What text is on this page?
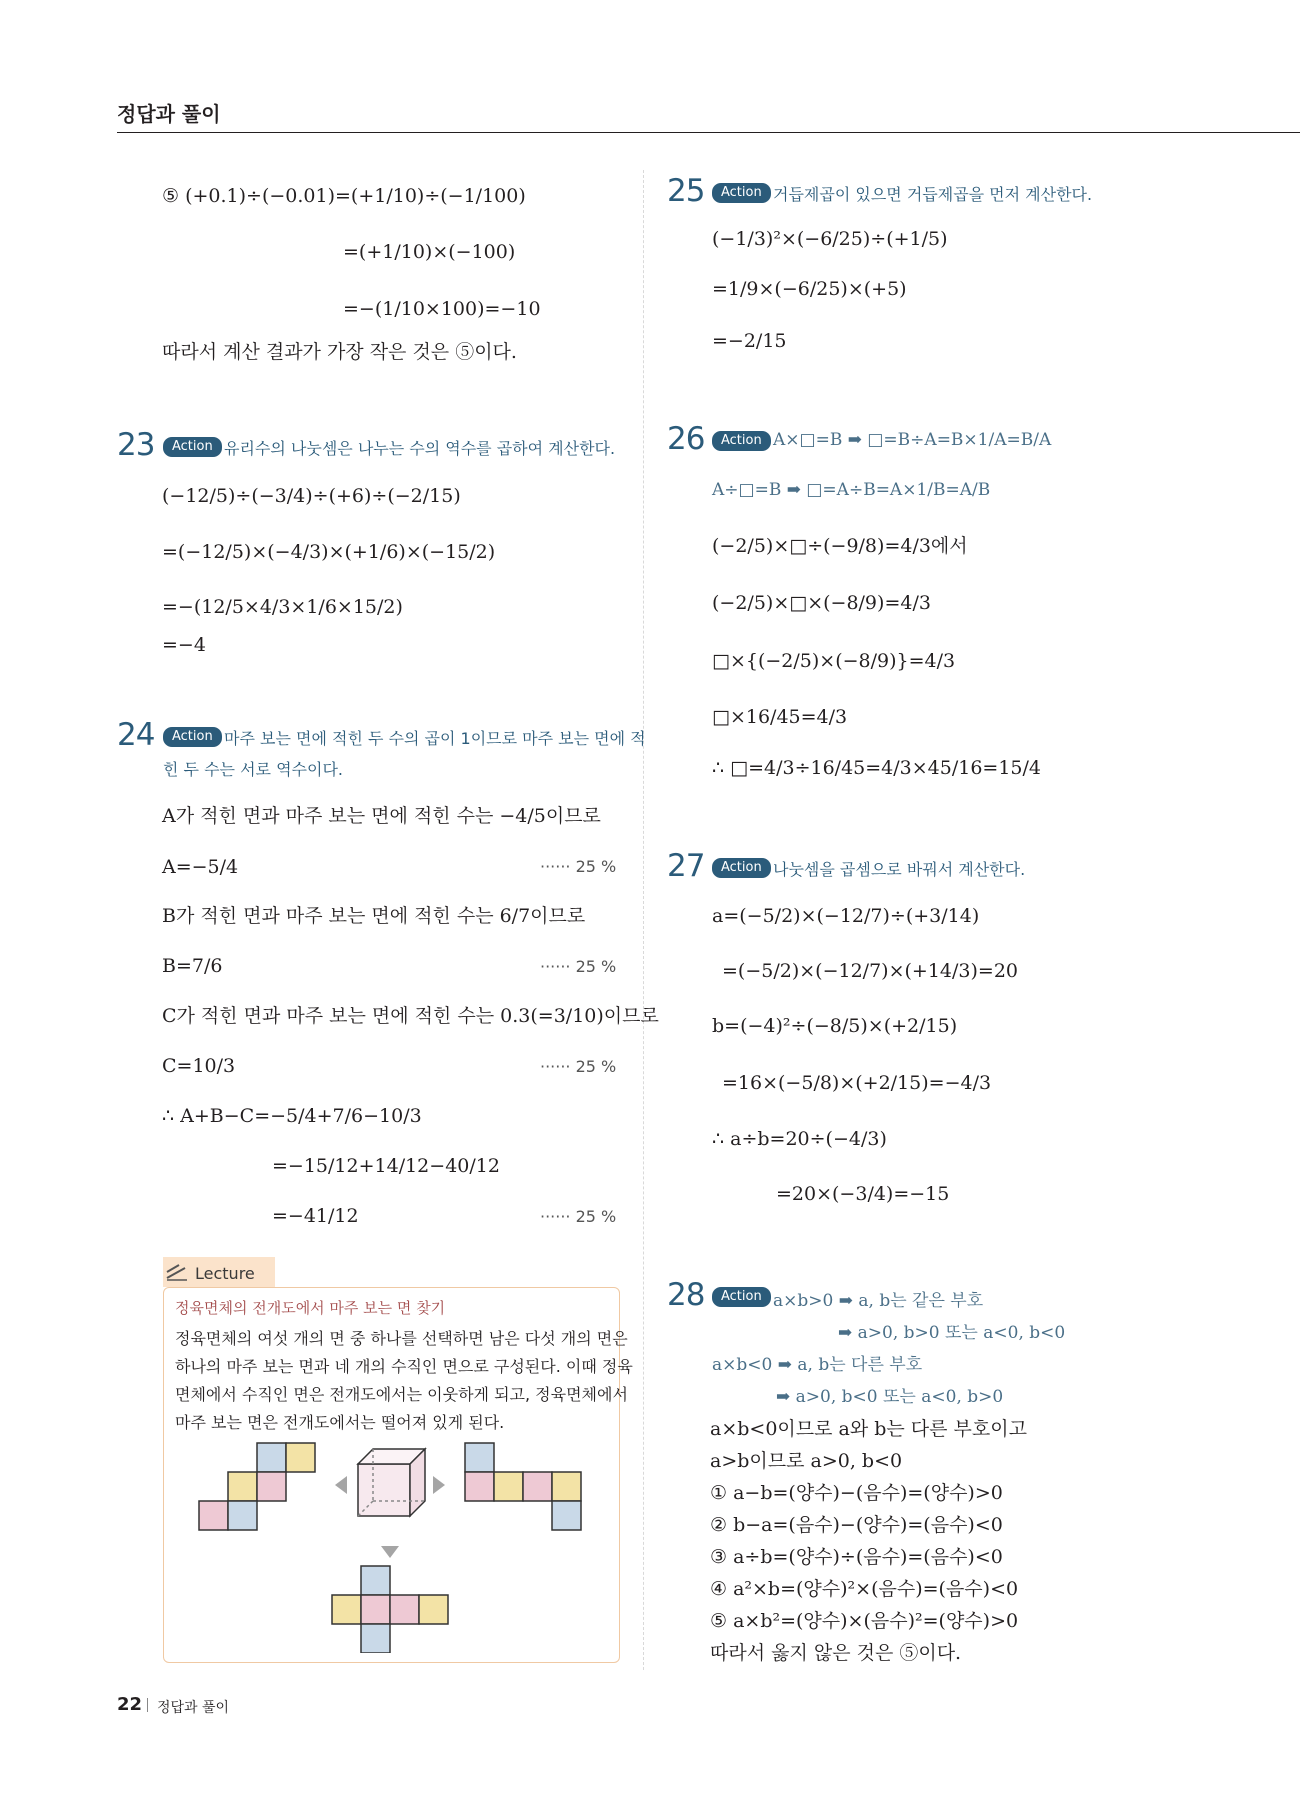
정답과 풀이
⑤ (+0.1)÷(−0.01)=(+1/10)÷(−1/100)
=(+1/10)×(−100)
=−(1/10×100)=−10
따라서 계산 결과가 가장 작은 것은 ⑤이다.
23	Action 유리수의 나눗셈은 나누는 수의 역수를 곱하여 계산한다.
(−12/5)÷(−3/4)÷(+6)÷(−2/15)
=(−12/5)×(−4/3)×(+1/6)×(−15/2)
=−(12/5×4/3×1/6×15/2)
=−4
24	Action 마주 보는 면에 적힌 두 수의 곱이 1이므로 마주 보는 면에 적
힌 두 수는 서로 역수이다.
A가 적힌 면과 마주 보는 면에 적힌 수는 −4/5이므로
A=−5/4	······ 25 %
B가 적힌 면과 마주 보는 면에 적힌 수는 6/7이므로
B=7/6	······ 25 %
C가 적힌 면과 마주 보는 면에 적힌 수는 0.3(=3/10)이므로
C=10/3	······ 25 %
∴ A+B−C=−5/4+7/6−10/3
=−15/12+14/12−40/12
=−41/12	······ 25 %
Lecture
정육면체의 전개도에서 마주 보는 면 찾기
정육면체의 여섯 개의 면 중 하나를 선택하면 남은 다섯 개의 면은
하나의 마주 보는 면과 네 개의 수직인 면으로 구성된다. 이때 정육
면체에서 수직인 면은 전개도에서는 이웃하게 되고, 정육면체에서
마주 보는 면은 전개도에서는 떨어져 있게 된다.
25	Action 거듭제곱이 있으면 거듭제곱을 먼저 계산한다.
(−1/3)²×(−6/25)÷(+1/5)
=1/9×(−6/25)×(+5)
=−2/15
26	Action A×□=B ➡ □=B÷A=B×1/A=B/A
A÷□=B ➡ □=A÷B=A×1/B=A/B
(−2/5)×□÷(−9/8)=4/3에서
(−2/5)×□×(−8/9)=4/3
□×{(−2/5)×(−8/9)}=4/3
□×16/45=4/3
∴ □=4/3÷16/45=4/3×45/16=15/4
27	Action 나눗셈을 곱셈으로 바꿔서 계산한다.
a=(−5/2)×(−12/7)÷(+3/14)
=(−5/2)×(−12/7)×(+14/3)=20
b=(−4)²÷(−8/5)×(+2/15)
=16×(−5/8)×(+2/15)=−4/3
∴ a÷b=20÷(−4/3)
=20×(−3/4)=−15
28	Action a×b>0 ➡ a, b는 같은 부호
➡ a>0, b>0 또는 a<0, b<0
a×b<0 ➡ a, b는 다른 부호
➡ a>0, b<0 또는 a<0, b>0
a×b<0이므로 a와 b는 다른 부호이고
a>b이므로 a>0, b<0
① a−b=(양수)−(음수)=(양수)>0
② b−a=(음수)−(양수)=(음수)<0
③ a÷b=(양수)÷(음수)=(음수)<0
④ a²×b=(양수)²×(음수)=(음수)<0
⑤ a×b²=(양수)×(음수)²=(양수)>0
따라서 옳지 않은 것은 ⑤이다.
22 정답과 풀이
